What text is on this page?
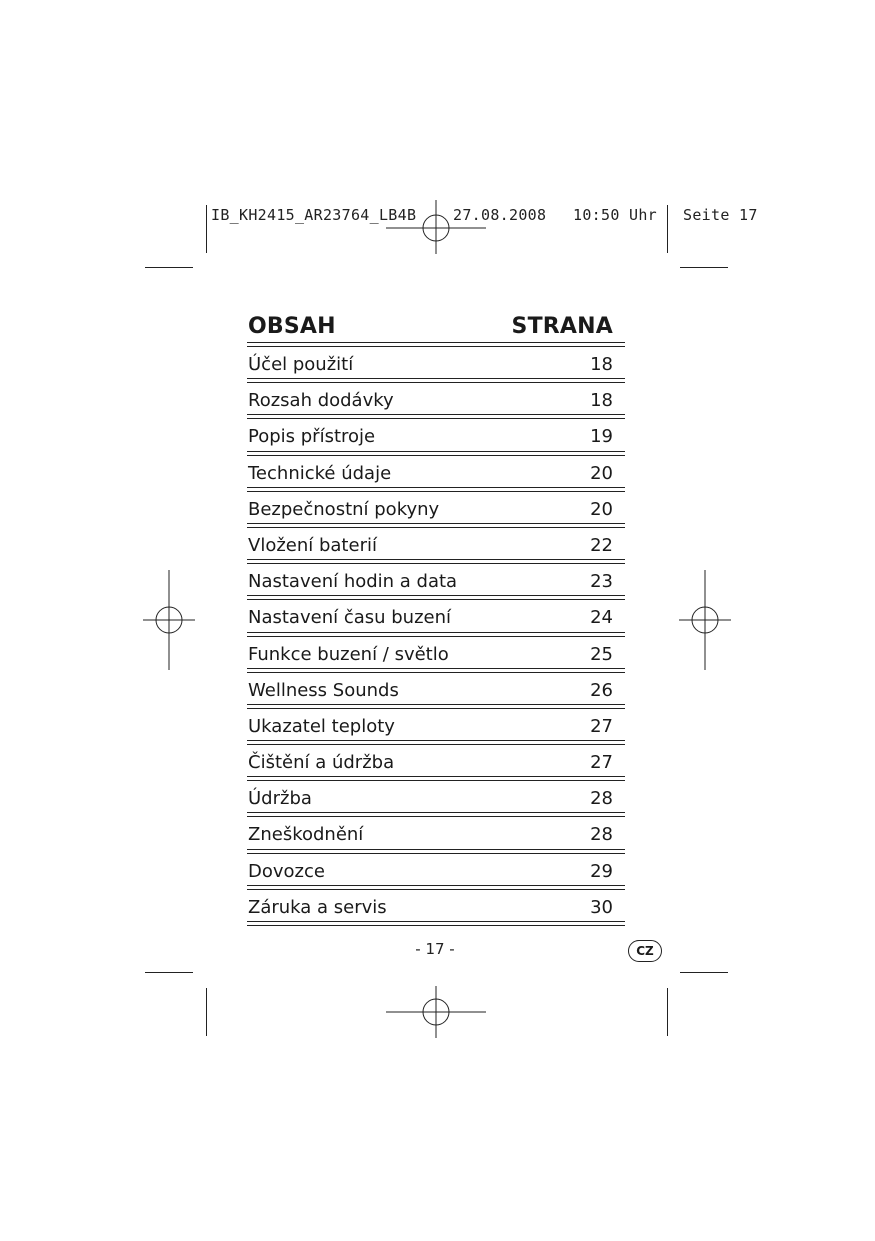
IB_KH2415_AR23764_LB4B

27.08.2008

10:50 Uhr

Seite 17

OBSAH	STRANA
Účel použití	18
Rozsah dodávky	18
Popis přístroje	19
Technické údaje	20
Bezpečnostní pokyny	20
Vložení baterií	22
Nastavení hodin a data	23
Nastavení času buzení	24
Funkce buzení / světlo	25
Wellness Sounds	26
Ukazatel teploty	27
Čištění a údržba	27
Údržba	28
Zneškodnění	28
Dovozce	29
Záruka a servis	30
- 17 -	CZ
